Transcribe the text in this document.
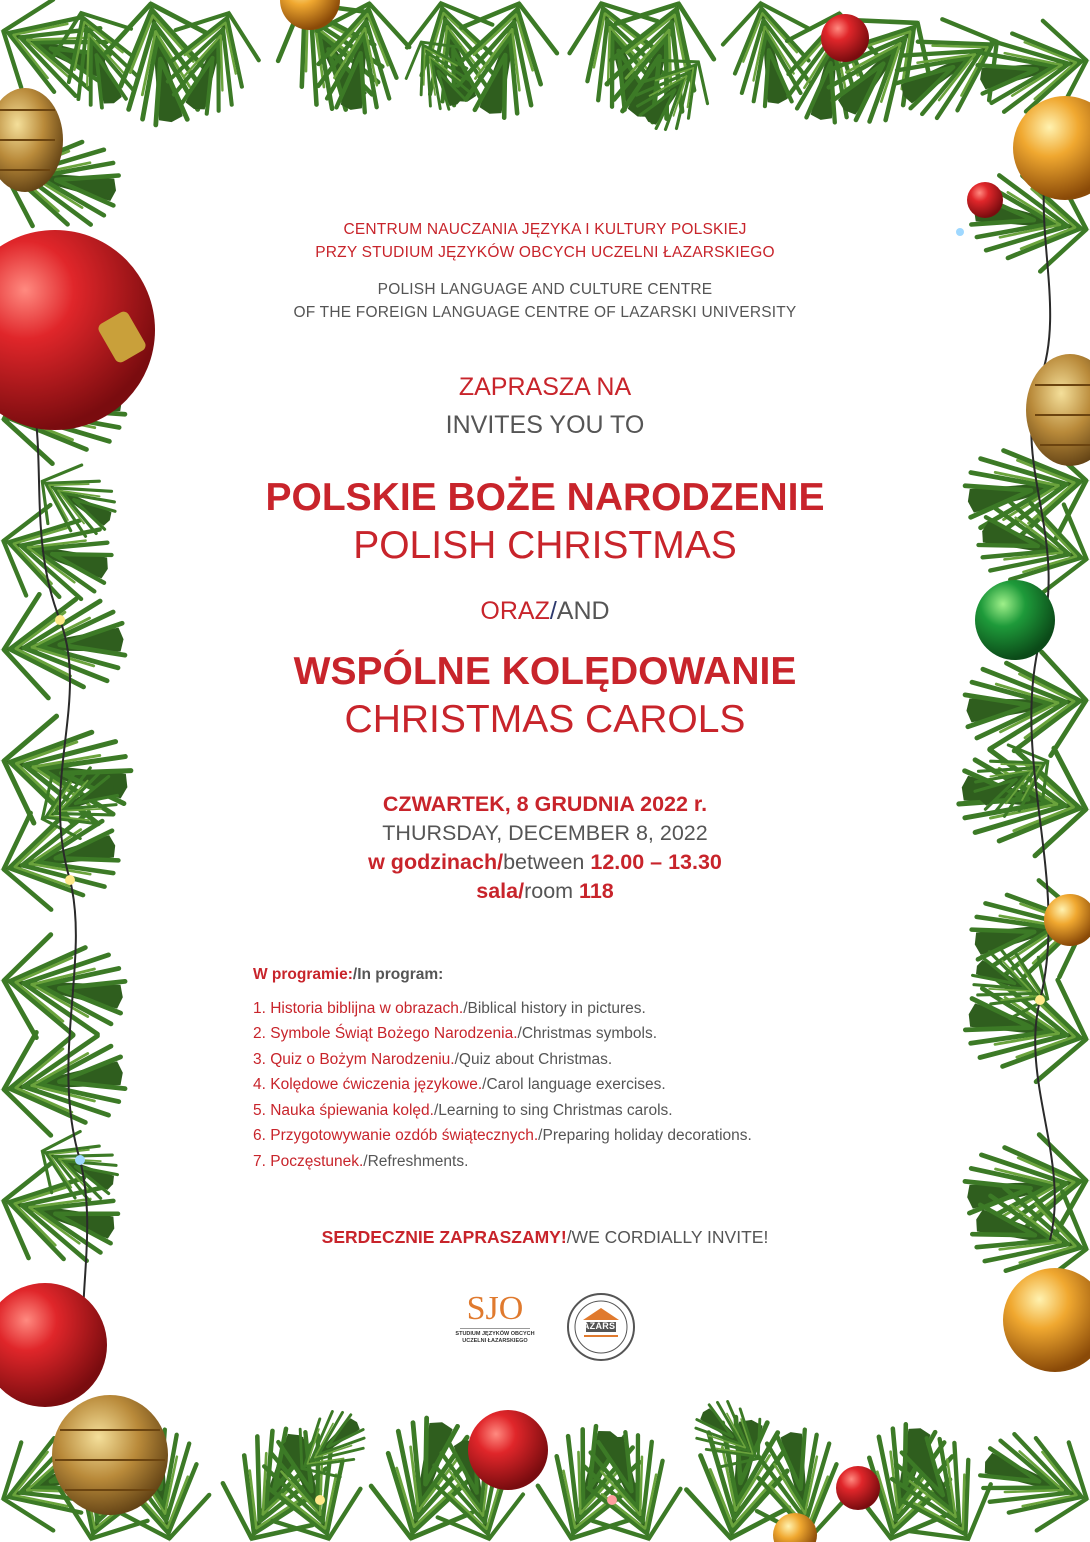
CENTRUM NAUCZANIA JĘZYKA I KULTURY POLSKIEJ
PRZY STUDIUM JĘZYKÓW OBCYCH UCZELNI ŁAZARSKIEGO
POLISH LANGUAGE AND CULTURE CENTRE
OF THE FOREIGN LANGUAGE CENTRE OF LAZARSKI UNIVERSITY
ZAPRASZA NA
INVITES YOU TO
POLSKIE BOŻE NARODZENIE
POLISH CHRISTMAS
ORAZ/AND
WSPÓLNE KOLĘDOWANIE
CHRISTMAS CAROLS
CZWARTEK, 8 GRUDNIA 2022 r.
THURSDAY, DECEMBER 8, 2022
w godzinach/between 12.00 – 13.30
sala/room 118
W programie:/In program:
1. Historia biblijna w obrazach./Biblical history in pictures.
2. Symbole Świąt Bożego Narodzenia./Christmas symbols.
3. Quiz o Bożym Narodzeniu./Quiz about Christmas.
4. Kolędowe ćwiczenia językowe./Carol language exercises.
5. Nauka śpiewania kolęd./Learning to sing Christmas carols.
6. Przygotowywanie ozdób świątecznych./Preparing holiday decorations.
7. Poczęstunek./Refreshments.
SERDECZNIE ZAPRASZAMY!/WE CORDIALLY INVITE!
SJO
STUDIUM JĘZYKÓW OBCYCH
UCZELNI ŁAZARSKIEGO
ŁAZARSKI
